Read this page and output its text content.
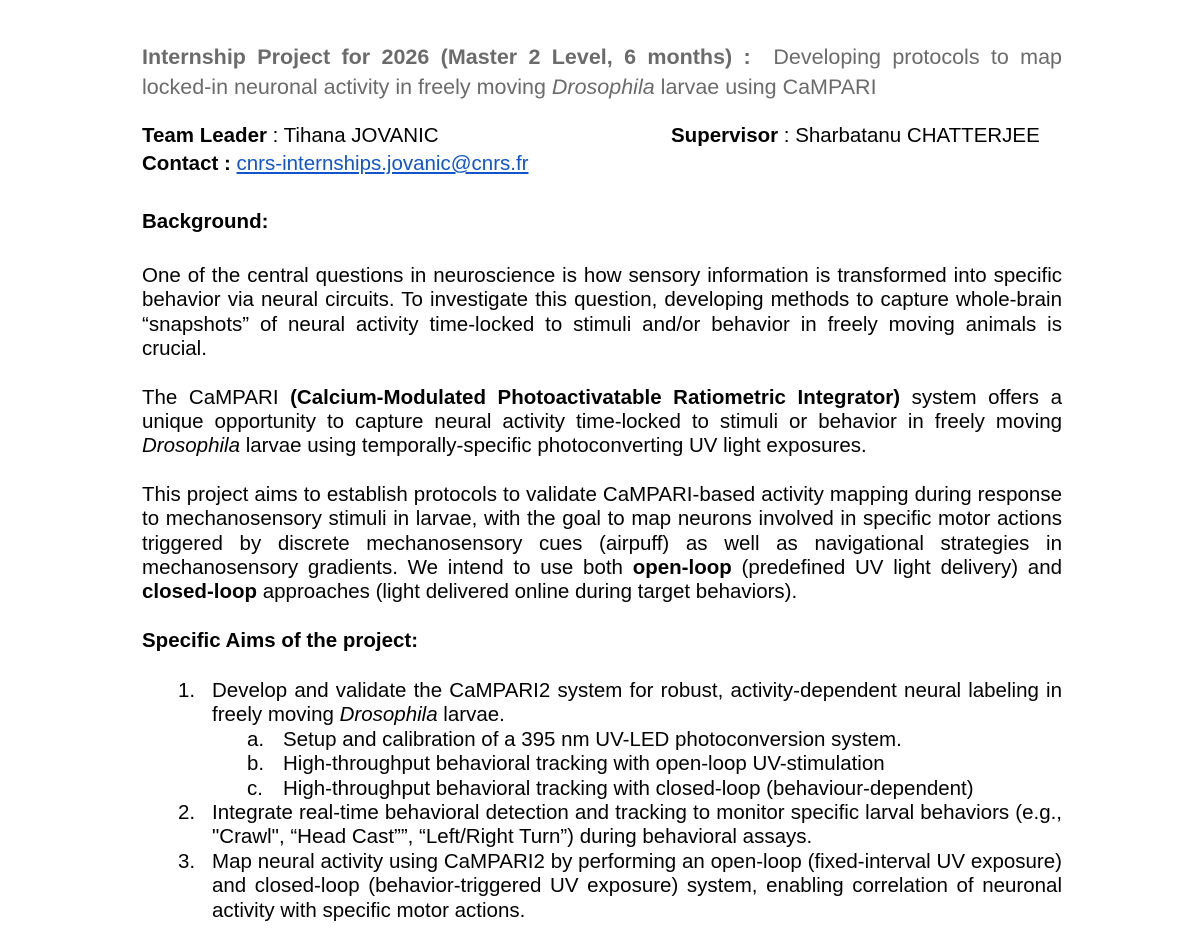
Internship Project for 2026 (Master 2 Level, 6 months) : Developing protocols to map locked-in neuronal activity in freely moving Drosophila larvae using CaMPARI

Team Leader : Tihana JOVANIC	Supervisor : Sharbatanu CHATTERJEE
Contact : cnrs-internships.jovanic@cnrs.fr
Background:

One of the central questions in neuroscience is how sensory information is transformed into specific behavior via neural circuits. To investigate this question, developing methods to capture whole-brain “snapshots” of neural activity time-locked to stimuli and/or behavior in freely moving animals is crucial.

The CaMPARI (Calcium-Modulated Photoactivatable Ratiometric Integrator) system offers a unique opportunity to capture neural activity time-locked to stimuli or behavior in freely moving Drosophila larvae using temporally-specific photoconverting UV light exposures.

This project aims to establish protocols to validate CaMPARI-based activity mapping during response to mechanosensory stimuli in larvae, with the goal to map neurons involved in specific motor actions triggered by discrete mechanosensory cues (airpuff) as well as navigational strategies in mechanosensory gradients. We intend to use both open-loop (predefined UV light delivery) and closed-loop approaches (light delivered online during target behaviors).

Specific Aims of the project:
1. Develop and validate the CaMPARI2 system for robust, activity-dependent neural labeling in freely moving Drosophila larvae.
a. Setup and calibration of a 395 nm UV-LED photoconversion system.
b. High-throughput behavioral tracking with open-loop UV-stimulation
c. High-throughput behavioral tracking with closed-loop (behaviour-dependent)
2. Integrate real-time behavioral detection and tracking to monitor specific larval behaviors (e.g., "Crawl", “Head Cast””, “Left/Right Turn”) during behavioral assays.
3. Map neural activity using CaMPARI2 by performing an open-loop (fixed-interval UV exposure) and closed-loop (behavior-triggered UV exposure) system, enabling correlation of neuronal activity with specific motor actions.
